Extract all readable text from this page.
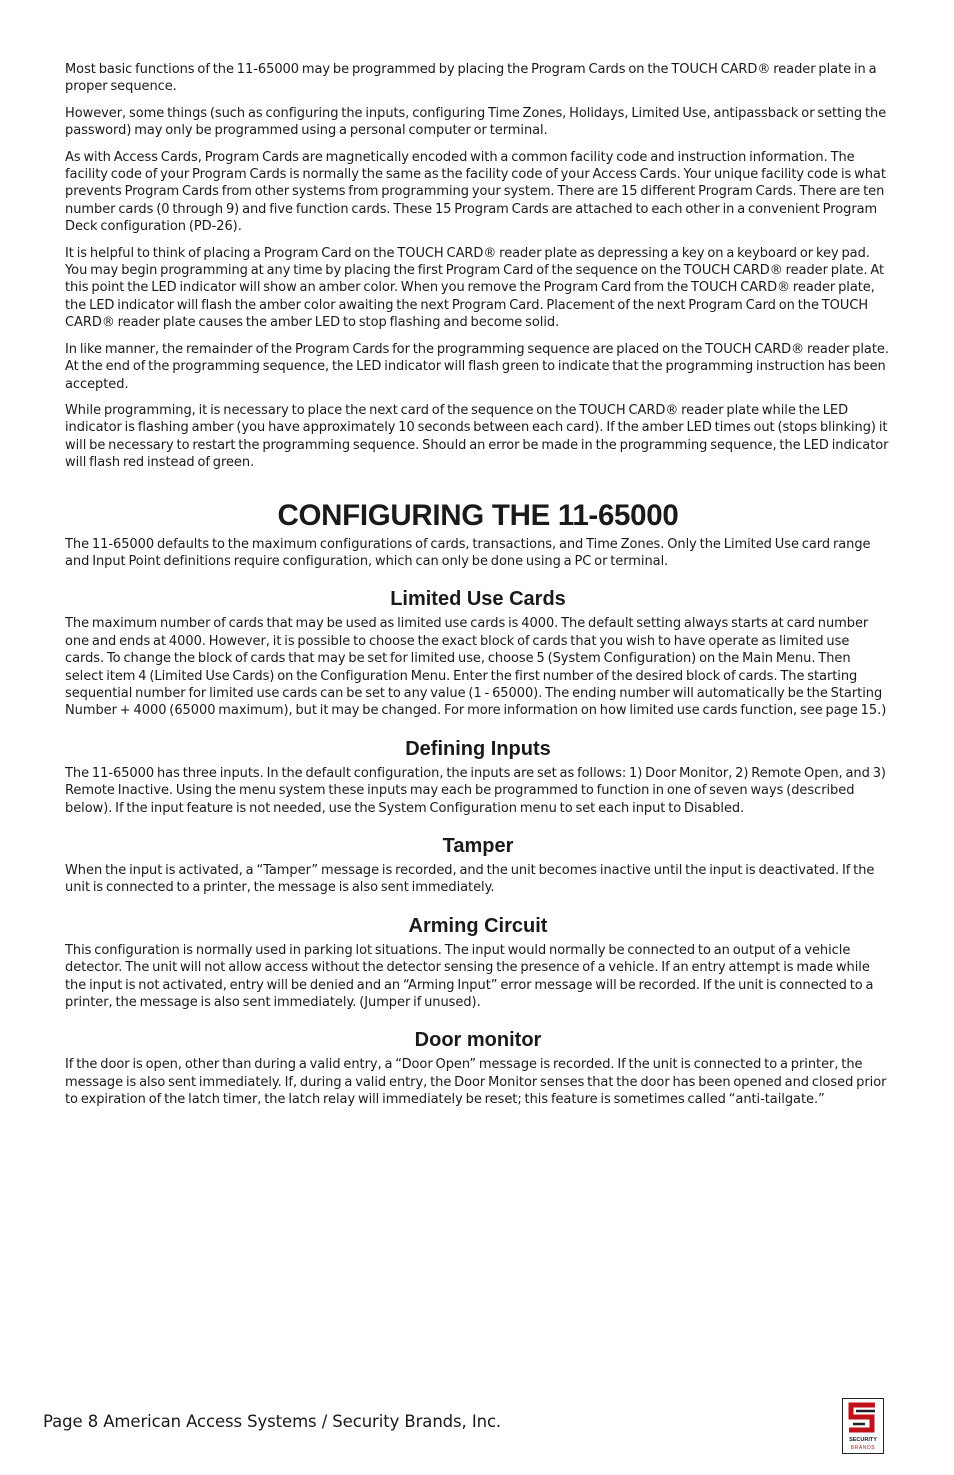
Most basic functions of the 11-65000 may be programmed by placing the Program Cards on the TOUCH CARD® reader plate in a proper sequence.

However, some things (such as configuring the inputs, configuring Time Zones, Holidays, Limited Use, antipassback or setting the password) may only be programmed using a personal computer or terminal.

As with Access Cards, Program Cards are magnetically encoded with a common facility code and instruction information. The facility code of your Program Cards is normally the same as the facility code of your Access Cards. Your unique facility code is what prevents Program Cards from other systems from programming your system. There are 15 different Program Cards. There are ten number cards (0 through 9) and five function cards. These 15 Program Cards are attached to each other in a convenient Program Deck configuration (PD-26).

It is helpful to think of placing a Program Card on the TOUCH CARD® reader plate as depressing a key on a keyboard or key pad. You may begin programming at any time by placing the first Program Card of the sequence on the TOUCH CARD® reader plate. At this point the LED indicator will show an amber color. When you remove the Program Card from the TOUCH CARD® reader plate, the LED indicator will flash the amber color awaiting the next Program Card. Placement of the next Program Card on the TOUCH CARD® reader plate causes the amber LED to stop flashing and become solid.

In like manner, the remainder of the Program Cards for the programming sequence are placed on the TOUCH CARD® reader plate. At the end of the programming sequence, the LED indicator will flash green to indicate that the programming instruction has been accepted.

While programming, it is necessary to place the next card of the sequence on the TOUCH CARD® reader plate while the LED indicator is flashing amber (you have approximately 10 seconds between each card). If the amber LED times out (stops blinking) it will be necessary to restart the programming sequence. Should an error be made in the programming sequence, the LED indicator will flash red instead of green.

CONFIGURING THE 11-65000

The 11-65000 defaults to the maximum configurations of cards, transactions, and Time Zones. Only the Limited Use card range and Input Point definitions require configuration, which can only be done using a PC or terminal.

Limited Use Cards

The maximum number of cards that may be used as limited use cards is 4000. The default setting always starts at card number one and ends at 4000. However, it is possible to choose the exact block of cards that you wish to have operate as limited use cards. To change the block of cards that may be set for limited use, choose 5 (System Configuration) on the Main Menu. Then select item 4 (Limited Use Cards) on the Configuration Menu. Enter the first number of the desired block of cards. The starting sequential number for limited use cards can be set to any value (1 - 65000). The ending number will automatically be the Starting Number + 4000 (65000 maximum), but it may be changed. For more information on how limited use cards function, see page 15.)

Defining Inputs

The 11-65000 has three inputs. In the default configuration, the inputs are set as follows: 1) Door Monitor, 2) Remote Open, and 3) Remote Inactive. Using the menu system these inputs may each be programmed to function in one of seven ways (described below). If the input feature is not needed, use the System Configuration menu to set each input to Disabled.

Tamper

When the input is activated, a “Tamper” message is recorded, and the unit becomes inactive until the input is deactivated. If the unit is connected to a printer, the message is also sent immediately.

Arming Circuit

This configuration is normally used in parking lot situations. The input would normally be connected to an output of a vehicle detector. The unit will not allow access without the detector sensing the presence of a vehicle. If an entry attempt is made while the input is not activated, entry will be denied and an “Arming Input” error message will be recorded. If the unit is connected to a printer, the message is also sent immediately. (Jumper if unused).

Door monitor

If the door is open, other than during a valid entry, a “Door Open” message is recorded. If the unit is connected to a printer, the message is also sent immediately. If, during a valid entry, the Door Monitor senses that the door has been opened and closed prior to expiration of the latch timer, the latch relay will immediately be reset; this feature is sometimes called “anti-tailgate.”

Page 8 American Access Systems / Security Brands, Inc.
SECURITY
BRANDS
